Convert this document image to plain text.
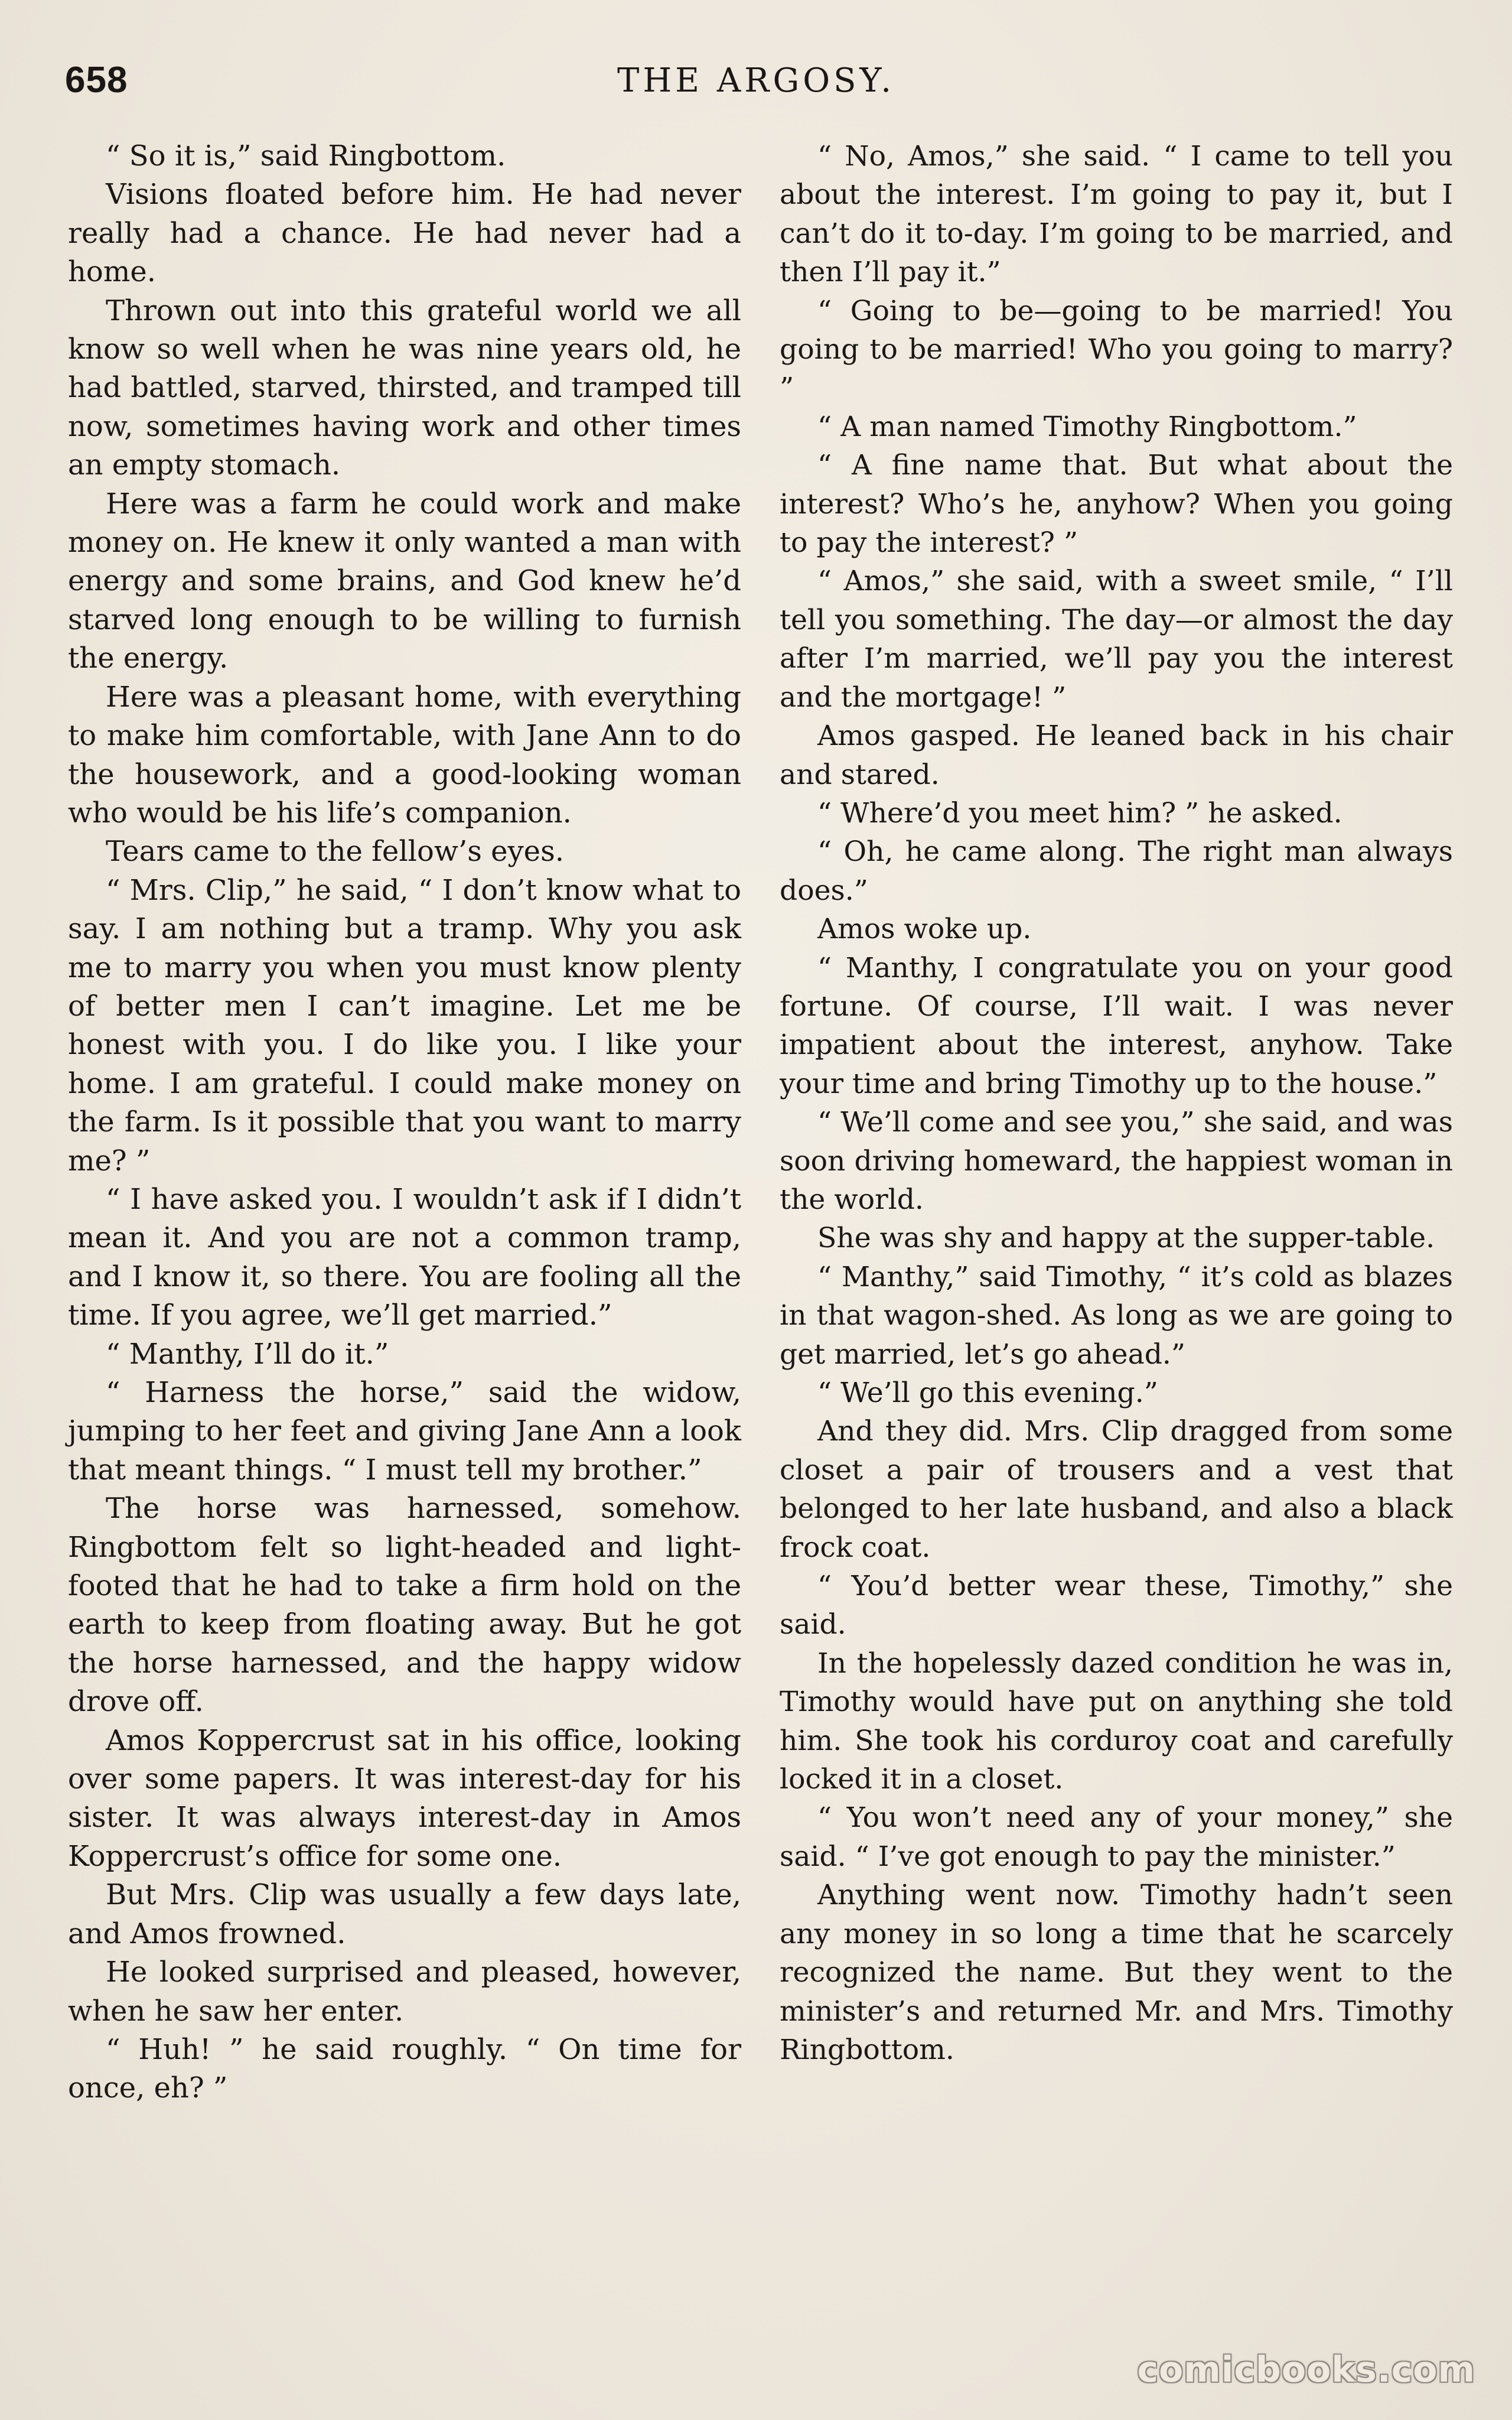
658	THE ARGOSY.

“ So it is,” said Ringbottom.

Visions floated before him. He had never really had a chance. He had never had a home.

Thrown out into this grateful world we all know so well when he was nine years old, he had battled, starved, thirsted, and tramped till now, sometimes having work and other times an empty stomach.

Here was a farm he could work and make money on. He knew it only wanted a man with energy and some brains, and God knew he’d starved long enough to be willing to furnish the energy.

Here was a pleasant home, with everything to make him comfortable, with Jane Ann to do the housework, and a good-looking woman who would be his life’s companion.

Tears came to the fellow’s eyes.

“ Mrs. Clip,” he said, “ I don’t know what to say. I am nothing but a tramp. Why you ask me to marry you when you must know plenty of better men I can’t imagine. Let me be honest with you. I do like you. I like your home. I am grateful. I could make money on the farm. Is it possible that you want to marry me? ”

“ I have asked you. I wouldn’t ask if I didn’t mean it. And you are not a common tramp, and I know it, so there. You are fooling all the time. If you agree, we’ll get married.”

“ Manthy, I’ll do it.”

“ Harness the horse,” said the widow, jumping to her feet and giving Jane Ann a look that meant things. “ I must tell my brother.”

The horse was harnessed, somehow. Ringbottom felt so light-headed and light-footed that he had to take a firm hold on the earth to keep from floating away. But he got the horse harnessed, and the happy widow drove off.

Amos Koppercrust sat in his office, looking over some papers. It was interest-day for his sister. It was always interest-day in Amos Koppercrust’s office for some one.

But Mrs. Clip was usually a few days late, and Amos frowned.

He looked surprised and pleased, however, when he saw her enter.

“ Huh! ” he said roughly. “ On time for once, eh? ”

“ No, Amos,” she said. “ I came to tell you about the interest. I’m going to pay it, but I can’t do it to-day. I’m going to be married, and then I’ll pay it.”

“ Going to be—going to be married! You going to be married! Who you going to marry? ”

“ A man named Timothy Ringbottom.”

“ A fine name that. But what about the interest? Who’s he, anyhow? When you going to pay the interest? ”

“ Amos,” she said, with a sweet smile, “ I’ll tell you something. The day—or almost the day after I’m married, we’ll pay you the interest and the mortgage! ”

Amos gasped. He leaned back in his chair and stared.

“ Where’d you meet him? ” he asked.

“ Oh, he came along. The right man always does.”

Amos woke up.

“ Manthy, I congratulate you on your good fortune. Of course, I’ll wait. I was never impatient about the interest, anyhow. Take your time and bring Timothy up to the house.”

“ We’ll come and see you,” she said, and was soon driving homeward, the happiest woman in the world.

She was shy and happy at the supper-table.

“ Manthy,” said Timothy, “ it’s cold as blazes in that wagon-shed. As long as we are going to get married, let’s go ahead.”

“ We’ll go this evening.”

And they did. Mrs. Clip dragged from some closet a pair of trousers and a vest that belonged to her late husband, and also a black frock coat.

“ You’d better wear these, Timothy,” she said.

In the hopelessly dazed condition he was in, Timothy would have put on anything she told him. She took his corduroy coat and carefully locked it in a closet.

“ You won’t need any of your money,” she said. “ I’ve got enough to pay the minister.”

Anything went now. Timothy hadn’t seen any money in so long a time that he scarcely recognized the name. But they went to the minister’s and returned Mr. and Mrs. Timothy Ringbottom.

comicbooks.com
